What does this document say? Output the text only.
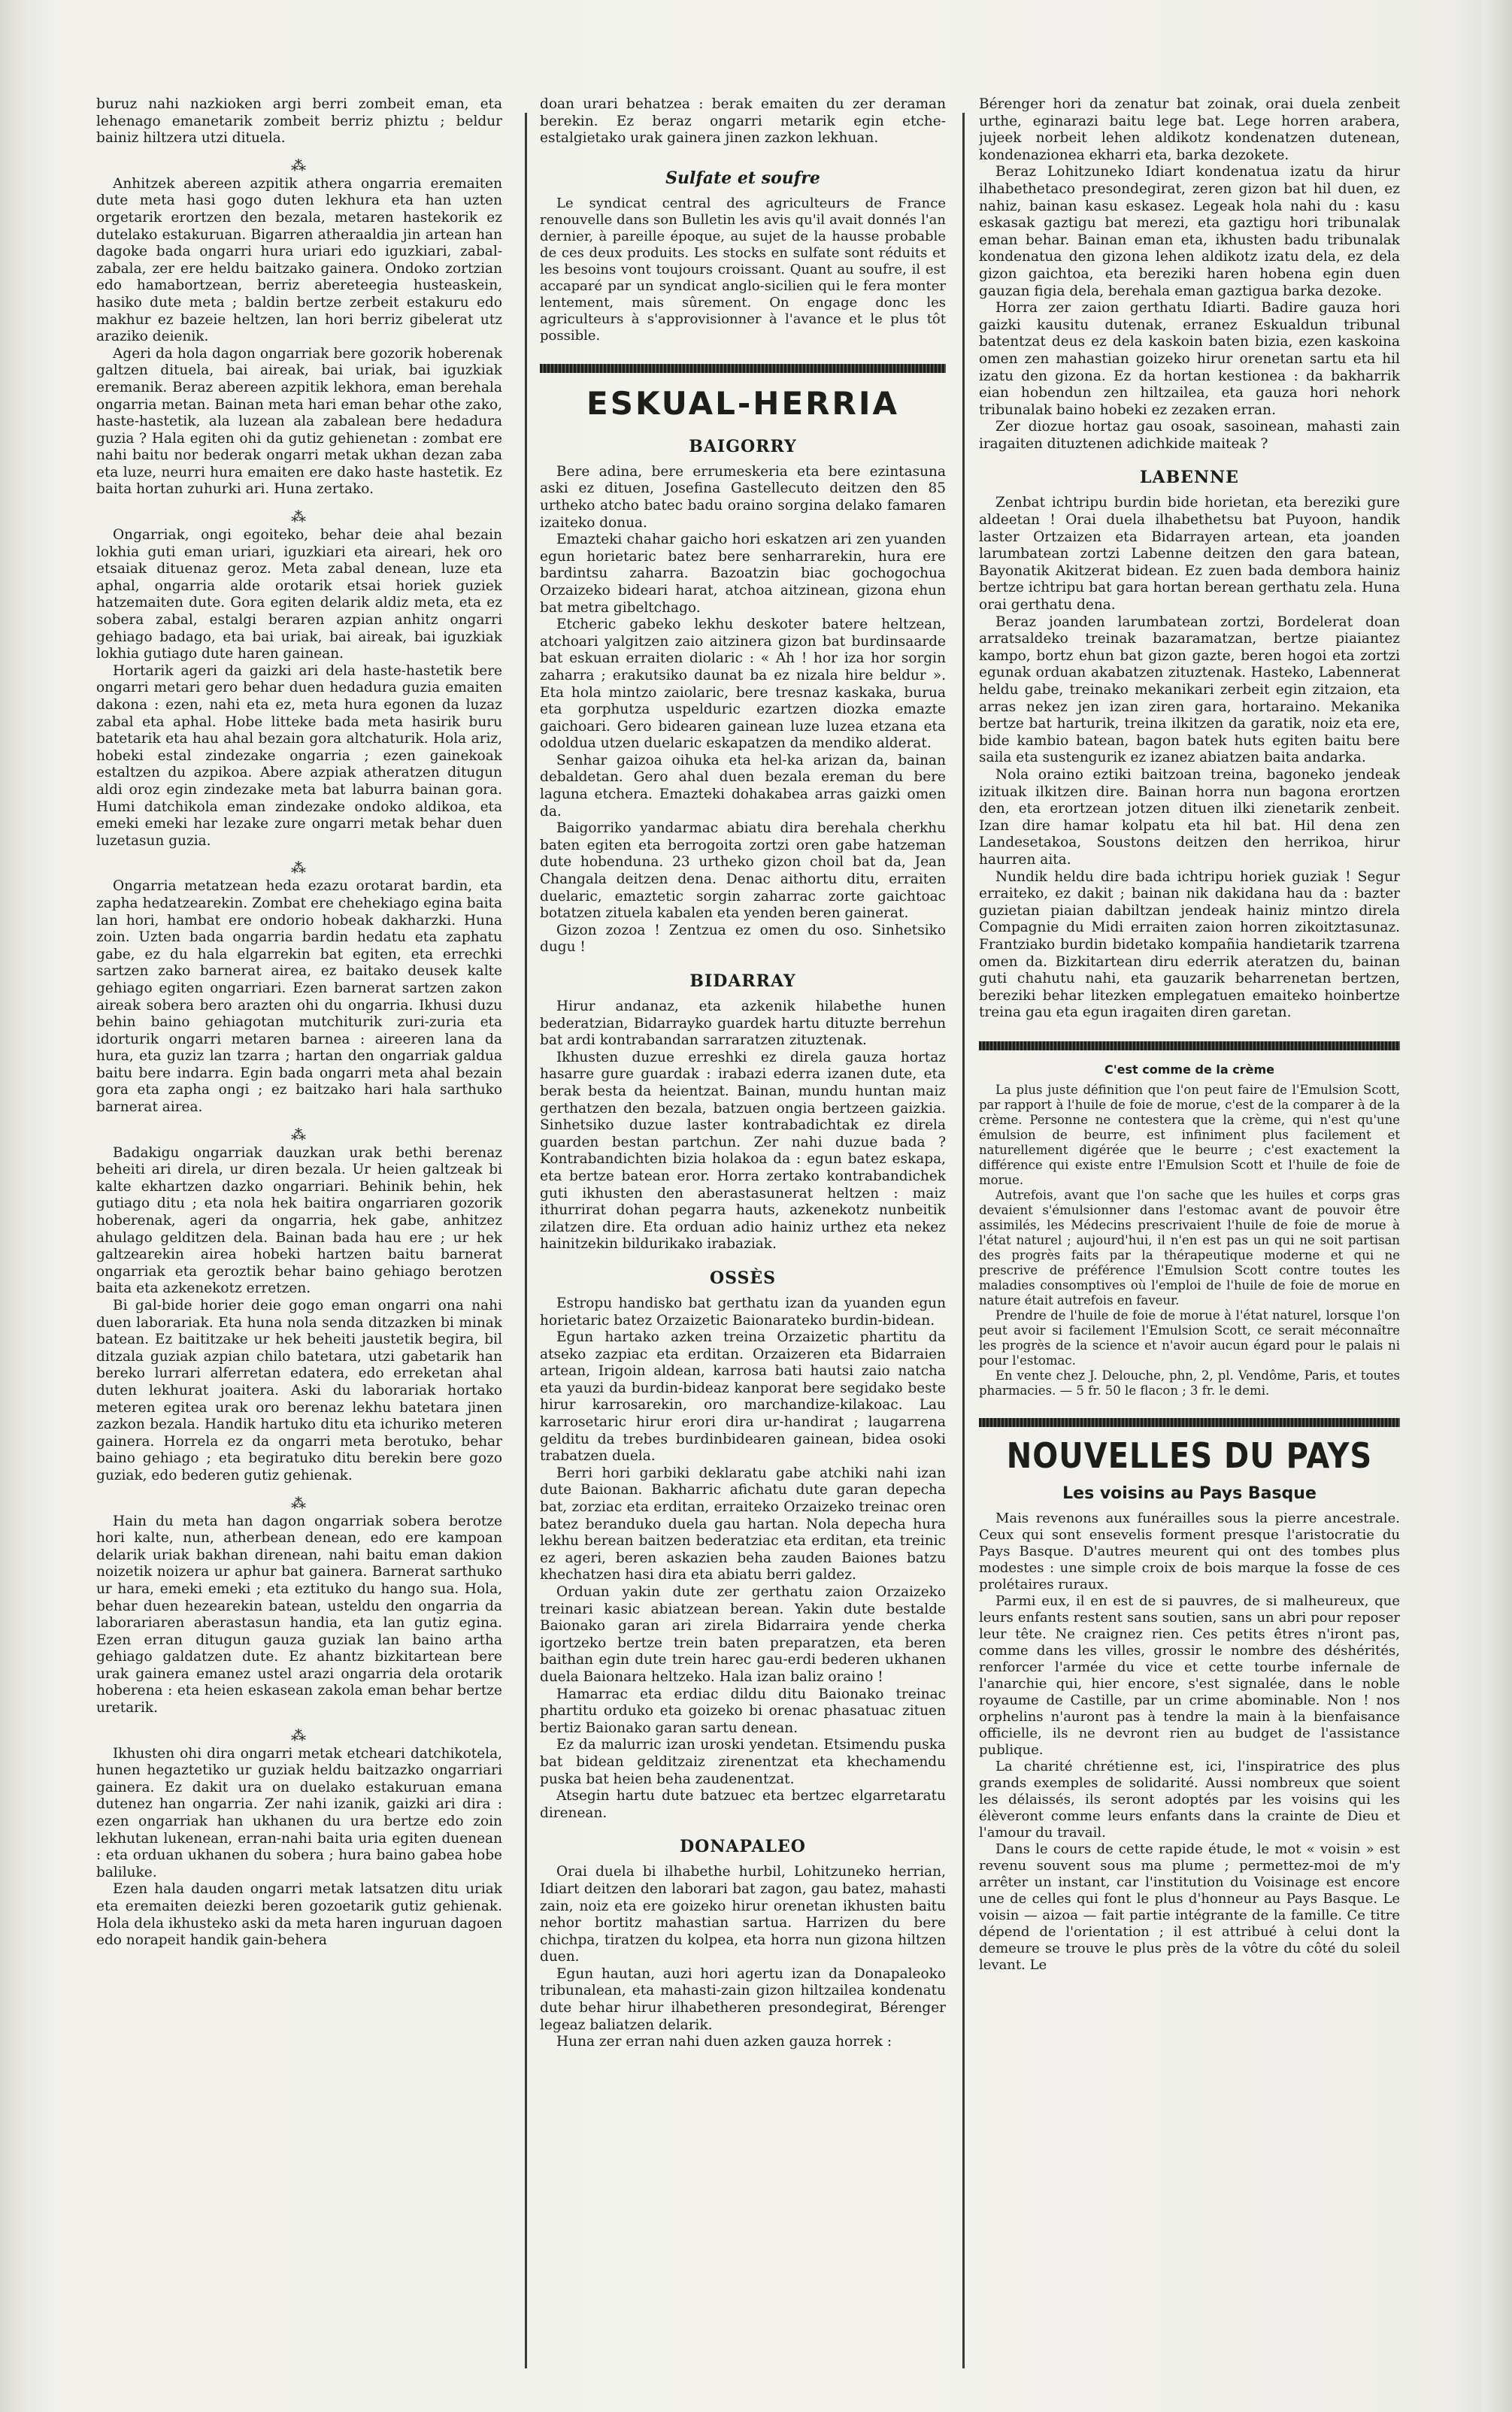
buruz nahi nazkioken argi berri zombeit eman, eta lehenago emanetarik zombeit berriz phiztu ; beldur bainiz hiltzera utzi dituela.

⁂

Anhitzek abereen azpitik athera ongarria eremaiten dute meta hasi gogo duten lekhura eta han uzten orgetarik erortzen den bezala, metaren hastekorik ez dutelako estakuruan. Bigarren atheraaldia jin artean han dagoke bada ongarri hura uriari edo iguzkiari, zabal-zabala, zer ere heldu baitzako gainera. Ondoko zortzian edo hamabortzean, berriz abereteegia husteaskein, hasiko dute meta ; baldin bertze zerbeit estakuru edo makhur ez bazeie heltzen, lan hori berriz gibelerat utz araziko deienik.

Ageri da hola dagon ongarriak bere gozorik hoberenak galtzen dituela, bai aireak, bai uriak, bai iguzkiak eremanik. Beraz abereen azpitik lekhora, eman berehala ongarria metan. Bainan meta hari eman behar othe zako, haste-hastetik, ala luzean ala zabalean bere hedadura guzia ? Hala egiten ohi da gutiz gehienetan : zombat ere nahi baitu nor bederak ongarri metak ukhan dezan zaba eta luze, neurri hura emaiten ere dako haste hastetik. Ez baita hortan zuhurki ari. Huna zertako.

⁂

Ongarriak, ongi egoiteko, behar deie ahal bezain lokhia guti eman uriari, iguzkiari eta aireari, hek oro etsaiak dituenaz geroz. Meta zabal denean, luze eta aphal, ongarria alde orotarik etsai horiek guziek hatzemaiten dute. Gora egiten delarik aldiz meta, eta ez sobera zabal, estalgi beraren azpian anhitz ongarri gehiago badago, eta bai uriak, bai aireak, bai iguzkiak lokhia gutiago dute haren gainean.

Hortarik ageri da gaizki ari dela haste-hastetik bere ongarri metari gero behar duen hedadura guzia emaiten dakona : ezen, nahi eta ez, meta hura egonen da luzaz zabal eta aphal. Hobe litteke bada meta hasirik buru batetarik eta hau ahal bezain gora altchaturik. Hola ariz, hobeki estal zindezake ongarria ; ezen gainekoak estaltzen du azpikoa. Abere azpiak atheratzen ditugun aldi oroz egin zindezake meta bat laburra bainan gora. Humi datchikola eman zindezake ondoko aldikoa, eta emeki emeki har lezake zure ongarri metak behar duen luzetasun guzia.

⁂

Ongarria metatzean heda ezazu orotarat bardin, eta zapha hedatzearekin. Zombat ere chehekiago egina baita lan hori, hambat ere ondorio hobeak dakharzki. Huna zoin. Uzten bada ongarria bardin hedatu eta zaphatu gabe, ez du hala elgarrekin bat egiten, eta errechki sartzen zako barnerat airea, ez baitako deusek kalte gehiago egiten ongarriari. Ezen barnerat sartzen zakon aireak sobera bero arazten ohi du ongarria. Ikhusi duzu behin baino gehiagotan mutchiturik zuri-zuria eta idorturik ongarri metaren barnea : aireeren lana da hura, eta guziz lan tzarra ; hartan den ongarriak galdua baitu bere indarra. Egin bada ongarri meta ahal bezain gora eta zapha ongi ; ez baitzako hari hala sarthuko barnerat airea.

⁂

Badakigu ongarriak dauzkan urak bethi berenaz beheiti ari direla, ur diren bezala. Ur heien galtzeak bi kalte ekhartzen dazko ongarriari. Behinik behin, hek gutiago ditu ; eta nola hek baitira ongarriaren gozorik hoberenak, ageri da ongarria, hek gabe, anhitzez ahulago gelditzen dela. Bainan bada hau ere ; ur hek galtzearekin airea hobeki hartzen baitu barnerat ongarriak eta geroztik behar baino gehiago berotzen baita eta azkenekotz erretzen.

Bi gal-bide horier deie gogo eman ongarri ona nahi duen laborariak. Eta huna nola senda ditzazken bi minak batean. Ez baititzake ur hek beheiti jaustetik begira, bil ditzala guziak azpian chilo batetara, utzi gabetarik han bereko lurrari alferretan edatera, edo erreketan ahal duten lekhurat joaitera. Aski du laborariak hortako meteren egitea urak oro berenaz lekhu batetara jinen zazkon bezala. Handik hartuko ditu eta ichuriko meteren gainera. Horrela ez da ongarri meta berotuko, behar baino gehiago ; eta begiratuko ditu berekin bere gozo guziak, edo bederen gutiz gehienak.

⁂

Hain du meta han dagon ongarriak sobera berotze hori kalte, nun, atherbean denean, edo ere kampoan delarik uriak bakhan direnean, nahi baitu eman dakion noizetik noizera ur aphur bat gainera. Barnerat sarthuko ur hara, emeki emeki ; eta eztituko du hango sua. Hola, behar duen hezearekin batean, usteldu den ongarria da laborariaren aberastasun handia, eta lan gutiz egina. Ezen erran ditugun gauza guziak lan baino artha gehiago galdatzen dute. Ez ahantz bizkitartean bere urak gainera emanez ustel arazi ongarria dela orotarik hoberena : eta heien eskasean zakola eman behar bertze uretarik.

⁂

Ikhusten ohi dira ongarri metak etcheari datchikotela, hunen hegaztetiko ur guziak heldu baitzazko ongarriari gainera. Ez dakit ura on duelako estakuruan emana dutenez han ongarria. Zer nahi izanik, gaizki ari dira : ezen ongarriak han ukhanen du ura bertze edo zoin lekhutan lukenean, erran-nahi baita uria egiten duenean : eta orduan ukhanen du sobera ; hura baino gabea hobe baliluke.

Ezen hala dauden ongarri metak latsatzen ditu uriak eta eremaiten deiezki beren gozoetarik gutiz gehienak. Hola dela ikhusteko aski da meta haren inguruan dagoen edo norapeit handik gain-behera

doan urari behatzea : berak emaiten du zer deraman berekin. Ez beraz ongarri metarik egin etche-estalgietako urak gainera jinen zazkon lekhuan.

Sulfate et soufre

Le syndicat central des agriculteurs de France renouvelle dans son Bulletin les avis qu'il avait donnés l'an dernier, à pareille époque, au sujet de la hausse probable de ces deux produits. Les stocks en sulfate sont réduits et les besoins vont toujours croissant. Quant au soufre, il est accaparé par un syndicat anglo-sicilien qui le fera monter lentement, mais sûrement. On engage donc les agriculteurs à s'approvisionner à l'avance et le plus tôt possible.

ESKUAL-HERRIA
BAIGORRY

Bere adina, bere errumeskeria eta bere ezintasuna aski ez dituen, Josefina Gastellecuto deitzen den 85 urtheko atcho batec badu oraino sorgina delako famaren izaiteko donua.

Emazteki chahar gaicho hori eskatzen ari zen yuanden egun horietaric batez bere senharrarekin, hura ere bardintsu zaharra. Bazoatzin biac gochogochua Orzaizeko bideari harat, atchoa aitzinean, gizona ehun bat metra gibeltchago.

Etcheric gabeko lekhu deskoter batere heltzean, atchoari yalgitzen zaio aitzinera gizon bat burdinsaarde bat eskuan erraiten diolaric : « Ah ! hor iza hor sorgin zaharra ; erakutsiko daunat ba ez nizala hire beldur ». Eta hola mintzo zaiolaric, bere tresnaz kaskaka, burua eta gorphutza uspelduric ezartzen diozka emazte gaichoari. Gero bidearen gainean luze luzea etzana eta odoldua utzen duelaric eskapatzen da mendiko alderat.

Senhar gaizoa oihuka eta hel-ka arizan da, bainan debaldetan. Gero ahal duen bezala ereman du bere laguna etchera. Emazteki dohakabea arras gaizki omen da.

Baigorriko yandarmac abiatu dira berehala cherkhu baten egiten eta berrogoita zortzi oren gabe hatzeman dute hobenduna. 23 urtheko gizon choil bat da, Jean Changala deitzen dena. Denac aithortu ditu, erraiten duelaric, emaztetic sorgin zaharrac zorte gaichtoac botatzen zituela kabalen eta yenden beren gainerat.

Gizon zozoa ! Zentzua ez omen du oso. Sinhetsiko dugu !

BIDARRAY

Hirur andanaz, eta azkenik hilabethe hunen bederatzian, Bidarrayko guardek hartu dituzte berrehun bat ardi kontrabandan sarraratzen zituztenak.

Ikhusten duzue erreshki ez direla gauza hortaz hasarre gure guardak : irabazi ederra izanen dute, eta berak besta da heientzat. Bainan, mundu huntan maiz gerthatzen den bezala, batzuen ongia bertzeen gaizkia. Sinhetsiko duzue laster kontrabadichtak ez direla guarden bestan partchun. Zer nahi duzue bada ? Kontrabandichten bizia holakoa da : egun batez eskapa, eta bertze batean eror. Horra zertako kontrabandichek guti ikhusten den aberastasunerat heltzen : maiz ithurrirat dohan pegarra hauts, azkenekotz nunbeitik zilatzen dire. Eta orduan adio hainiz urthez eta nekez hainitzekin bildurikako irabaziak.

OSSÈS

Estropu handisko bat gerthatu izan da yuanden egun horietaric batez Orzaizetic Baionarateko burdin-bidean.

Egun hartako azken treina Orzaizetic phartitu da atseko zazpiac eta erditan. Orzaizeren eta Bidarraien artean, Irigoin aldean, karrosa bati hautsi zaio natcha eta yauzi da burdin-bideaz kanporat bere segidako beste hirur karrosarekin, oro marchandize-kilakoac. Lau karrosetaric hirur erori dira ur-handirat ; laugarrena gelditu da trebes burdinbidearen gainean, bidea osoki trabatzen duela.

Berri hori garbiki deklaratu gabe atchiki nahi izan dute Baionan. Bakharric afichatu dute garan depecha bat, zorziac eta erditan, erraiteko Orzaizeko treinac oren batez beranduko duela gau hartan. Nola depecha hura lekhu berean baitzen bederatziac eta erditan, eta treinic ez ageri, beren askazien beha zauden Baiones batzu khechatzen hasi dira eta abiatu berri galdez.

Orduan yakin dute zer gerthatu zaion Orzaizeko treinari kasic abiatzean berean. Yakin dute bestalde Baionako garan ari zirela Bidarraira yende cherka igortzeko bertze trein baten preparatzen, eta beren baithan egin dute trein harec gau-erdi bederen ukhanen duela Baionara heltzeko. Hala izan baliz oraino !

Hamarrac eta erdiac dildu ditu Baionako treinac phartitu orduko eta goizeko bi orenac phasatuac zituen bertiz Baionako garan sartu denean.

Ez da malurric izan uroski yendetan. Etsimendu puska bat bidean gelditzaiz zirenentzat eta khechamendu puska bat heien beha zaudenentzat.

Atsegin hartu dute batzuec eta bertzec elgarretaratu direnean.

DONAPALEO

Orai duela bi ilhabethe hurbil, Lohitzuneko herrian, Idiart deitzen den laborari bat zagon, gau batez, mahasti zain, noiz eta ere goizeko hirur orenetan ikhusten baitu nehor bortitz mahastian sartua. Harrizen du bere chichpa, tiratzen du kolpea, eta horra nun gizona hiltzen duen.

Egun hautan, auzi hori agertu izan da Donapaleoko tribunalean, eta mahasti-zain gizon hiltzailea kondenatu dute behar hirur ilhabetheren presondegirat, Bérenger legeaz baliatzen delarik.

Huna zer erran nahi duen azken gauza horrek :

Bérenger hori da zenatur bat zoinak, orai duela zenbeit urthe, eginarazi baitu lege bat. Lege horren arabera, jujeek norbeit lehen aldikotz kondenatzen dutenean, kondenazionea ekharri eta, barka dezokete.

Beraz Lohitzuneko Idiart kondenatua izatu da hirur ilhabethetaco presondegirat, zeren gizon bat hil duen, ez nahiz, bainan kasu eskasez. Legeak hola nahi du : kasu eskasak gaztigu bat merezi, eta gaztigu hori tribunalak eman behar. Bainan eman eta, ikhusten badu tribunalak kondenatua den gizona lehen aldikotz izatu dela, ez dela gizon gaichtoa, eta bereziki haren hobena egin duen gauzan figia dela, berehala eman gaztigua barka dezoke.

Horra zer zaion gerthatu Idiarti. Badire gauza hori gaizki kausitu dutenak, erranez Eskualdun tribunal batentzat deus ez dela kaskoin baten bizia, ezen kaskoina omen zen mahastian goizeko hirur orenetan sartu eta hil izatu den gizona. Ez da hortan kestionea : da bakharrik eian hobendun zen hiltzailea, eta gauza hori nehork tribunalak baino hobeki ez zezaken erran.

Zer diozue hortaz gau osoak, sasoinean, mahasti zain iragaiten dituztenen adichkide maiteak ?

LABENNE

Zenbat ichtripu burdin bide horietan, eta bereziki gure aldeetan ! Orai duela ilhabethetsu bat Puyoon, handik laster Ortzaizen eta Bidarrayen artean, eta joanden larumbatean zortzi Labenne deitzen den gara batean, Bayonatik Akitzerat bidean. Ez zuen bada dembora hainiz bertze ichtripu bat gara hortan berean gerthatu zela. Huna orai gerthatu dena.

Beraz joanden larumbatean zortzi, Bordelerat doan arratsaldeko treinak bazaramatzan, bertze piaiantez kampo, bortz ehun bat gizon gazte, beren hogoi eta zortzi egunak orduan akabatzen zituztenak. Hasteko, Labennerat heldu gabe, treinako mekanikari zerbeit egin zitzaion, eta arras nekez jen izan ziren gara, hortaraino. Mekanika bertze bat harturik, treina ilkitzen da garatik, noiz eta ere, bide kambio batean, bagon batek huts egiten baitu bere saila eta sustengurik ez izanez abiatzen baita andarka.

Nola oraino eztiki baitzoan treina, bagoneko jendeak izituak ilkitzen dire. Bainan horra nun bagona erortzen den, eta erortzean jotzen dituen ilki zienetarik zenbeit. Izan dire hamar kolpatu eta hil bat. Hil dena zen Landesetakoa, Soustons deitzen den herrikoa, hirur haurren aita.

Nundik heldu dire bada ichtripu horiek guziak ! Segur erraiteko, ez dakit ; bainan nik dakidana hau da : bazter guzietan piaian dabiltzan jendeak hainiz mintzo direla Compagnie du Midi erraiten zaion horren zikoitztasunaz. Frantziako burdin bidetako kompañia handietarik tzarrena omen da. Bizkitartean diru ederrik ateratzen du, bainan guti chahutu nahi, eta gauzarik beharrenetan bertzen, bereziki behar litezken emplegatuen emaiteko hoinbertze treina gau eta egun iragaiten diren garetan.

C'est comme de la crème

La plus juste définition que l'on peut faire de l'Emulsion Scott, par rapport à l'huile de foie de morue, c'est de la comparer à de la crème. Personne ne contestera que la crème, qui n'est qu'une émulsion de beurre, est infiniment plus facilement et naturellement digérée que le beurre ; c'est exactement la différence qui existe entre l'Emulsion Scott et l'huile de foie de morue.

Autrefois, avant que l'on sache que les huiles et corps gras devaient s'émulsionner dans l'estomac avant de pouvoir être assimilés, les Médecins prescrivaient l'huile de foie de morue à l'état naturel ; aujourd'hui, il n'en est pas un qui ne soit partisan des progrès faits par la thérapeutique moderne et qui ne prescrive de préférence l'Emulsion Scott contre toutes les maladies consomptives où l'emploi de l'huile de foie de morue en nature était autrefois en faveur.

Prendre de l'huile de foie de morue à l'état naturel, lorsque l'on peut avoir si facilement l'Emulsion Scott, ce serait méconnaître les progrès de la science et n'avoir aucun égard pour le palais ni pour l'estomac.

En vente chez J. Delouche, phn, 2, pl. Vendôme, Paris, et toutes pharmacies. — 5 fr. 50 le flacon ; 3 fr. le demi.

NOUVELLES DU PAYS
Les voisins au Pays Basque

Mais revenons aux funérailles sous la pierre ancestrale. Ceux qui sont ensevelis forment presque l'aristocratie du Pays Basque. D'autres meurent qui ont des tombes plus modestes : une simple croix de bois marque la fosse de ces prolétaires ruraux.

Parmi eux, il en est de si pauvres, de si malheureux, que leurs enfants restent sans soutien, sans un abri pour reposer leur tête. Ne craignez rien. Ces petits êtres n'iront pas, comme dans les villes, grossir le nombre des déshérités, renforcer l'armée du vice et cette tourbe infernale de l'anarchie qui, hier encore, s'est signalée, dans le noble royaume de Castille, par un crime abominable. Non ! nos orphelins n'auront pas à tendre la main à la bienfaisance officielle, ils ne devront rien au budget de l'assistance publique.

La charité chrétienne est, ici, l'inspiratrice des plus grands exemples de solidarité. Aussi nombreux que soient les délaissés, ils seront adoptés par les voisins qui les élèveront comme leurs enfants dans la crainte de Dieu et l'amour du travail.

Dans le cours de cette rapide étude, le mot « voisin » est revenu souvent sous ma plume ; permettez-moi de m'y arrêter un instant, car l'institution du Voisinage est encore une de celles qui font le plus d'honneur au Pays Basque. Le voisin — aizoa — fait partie intégrante de la famille. Ce titre dépend de l'orientation ; il est attribué à celui dont la demeure se trouve le plus près de la vôtre du côté du soleil levant. Le
